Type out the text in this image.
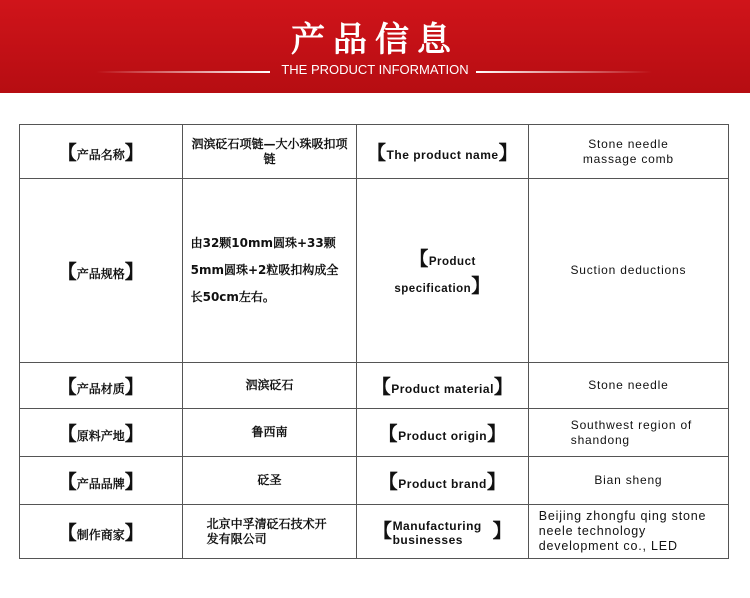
产品信息
THE PRODUCT INFORMATION
【产品名称】	泗滨砭石项链—大小珠吸扣项链	【The product name】	Stone needle massage comb
【产品规格】	由32颗10mm圆珠+33颗5mm圆珠+2粒吸扣构成全长50cm左右。	【Product specification】	Suction deductions
【产品材质】	泗滨砭石	【Product material】	Stone needle
【原料产地】	鲁西南	【Product origin】	Southwest region of shandong
【产品品牌】	砭圣	【Product brand】	Bian sheng
【制作商家】	北京中孚清砭石技术开发有限公司	【Manufacturing businesses 】	Beijing zhongfu qing stone neele technology development co., LED
